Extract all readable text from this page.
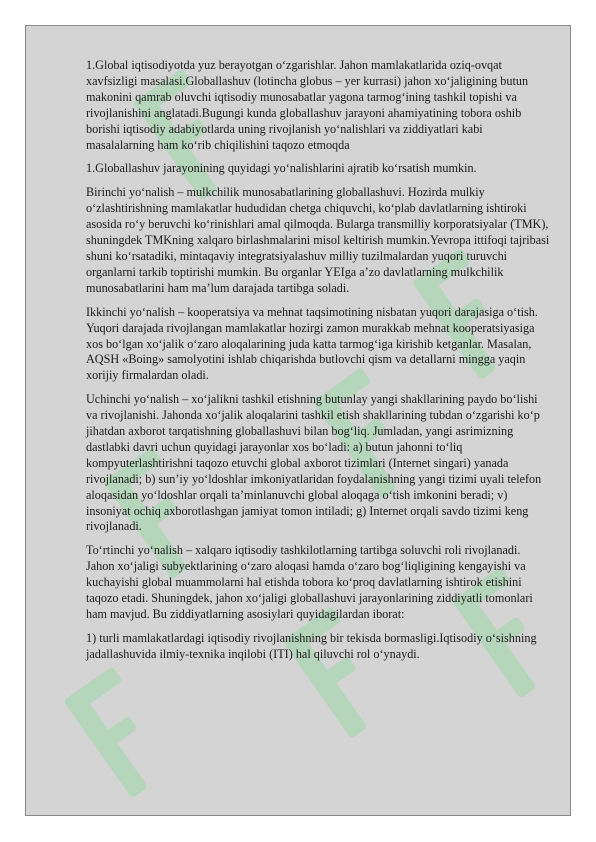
1.Global iqtisodiyotda yuz berayotgan o‘zgarishlar. Jahon mamlakatlarida oziq-ovqat xavfsizligi masalasi.Globallashuv (lotincha globus – yer kurrasi) jahon xo‘jaligining butun makonini qamrab oluvchi iqtisodiy munosabatlar yagona tarmog‘ining tashkil topishi va rivojlanishini anglatadi.Bugungi kunda globallashuv jarayoni ahamiyatining tobora oshib borishi iqtisodiy adabiyotlarda uning rivojlanish yo‘nalishlari va ziddiyatlari kabi masalalarning ham ko‘rib chiqilishini taqozo etmoqda

1.Globallashuv jarayonining quyidagi yo‘nalishlarini ajratib ko‘rsatish mumkin.

Birinchi yo‘nalish – mulkchilik munosabatlarining globallashuvi. Hozirda mulkiy o‘zlashtirishning mamlakatlar hududidan chetga chiquvchi, ko‘plab davlatlarning ishtiroki asosida ro‘y beruvchi ko‘rinishlari amal qilmoqda. Bularga transmilliy korporatsiyalar (TMK), shuningdek TMKning xalqaro birlashmalarini misol keltirish mumkin.Yevropa ittifoqi tajribasi shuni ko‘rsatadiki, mintaqaviy integratsiyalashuv milliy tuzilmalardan yuqori turuvchi organlarni tarkib toptirishi mumkin. Bu organlar YEIga a’zo davlatlarning mulkchilik munosabatlarini ham ma’lum darajada tartibga soladi.

Ikkinchi yo‘nalish – kooperatsiya va mehnat taqsimotining nisbatan yuqori darajasiga o‘tish. Yuqori darajada rivojlangan mamlakatlar hozirgi zamon murakkab mehnat kooperatsiyasiga xos bo‘lgan xo‘jalik o‘zaro aloqalarining juda katta tarmog‘iga kirishib ketganlar. Masalan, AQSH «Boing» samolyotini ishlab chiqarishda butlovchi qism va detallarni mingga yaqin xorijiy firmalardan oladi.

Uchinchi yo‘nalish – xo‘jalikni tashkil etishning butunlay yangi shakllarining paydo bo‘lishi va rivojlanishi. Jahonda xo‘jalik aloqalarini tashkil etish shakllarining tubdan o‘zgarishi ko‘p jihatdan axborot tarqatishning globallashuvi bilan bog‘liq. Jumladan, yangi asrimizning dastlabki davri uchun quyidagi jarayonlar xos bo‘ladi: a) butun jahonni to‘liq kompyuterlashtirishni taqozo etuvchi global axborot tizimlari (Internet singari) yanada rivojlanadi; b) sun’iy yo‘ldoshlar imkoniyatlaridan foydalanishning yangi tizimi uyali telefon aloqasidan yo‘ldoshlar orqali ta’minlanuvchi global aloqaga o‘tish imkonini beradi; v) insoniyat ochiq axborotlashgan jamiyat tomon intiladi; g) Internet orqali savdo tizimi keng rivojlanadi.

To‘rtinchi yo‘nalish – xalqaro iqtisodiy tashkilotlarning tartibga soluvchi roli rivojlanadi. Jahon xo‘jaligi subyektlarining o‘zaro aloqasi hamda o‘zaro bog‘liqligining kengayishi va kuchayishi global muammolarni hal etishda tobora ko‘proq davlatlarning ishtirok etishini taqozo etadi. Shuningdek, jahon xo‘jaligi globallashuvi jarayonlarining ziddiyatli tomonlari ham mavjud. Bu ziddiyatlarning asosiylari quyidagilardan iborat:

1) turli mamlakatlardagi iqtisodiy rivojlanishning bir tekisda bormasligi.Iqtisodiy o‘sishning jadallashuvida ilmiy-texnika inqilobi (ITI) hal qiluvchi rol o‘ynaydi.
